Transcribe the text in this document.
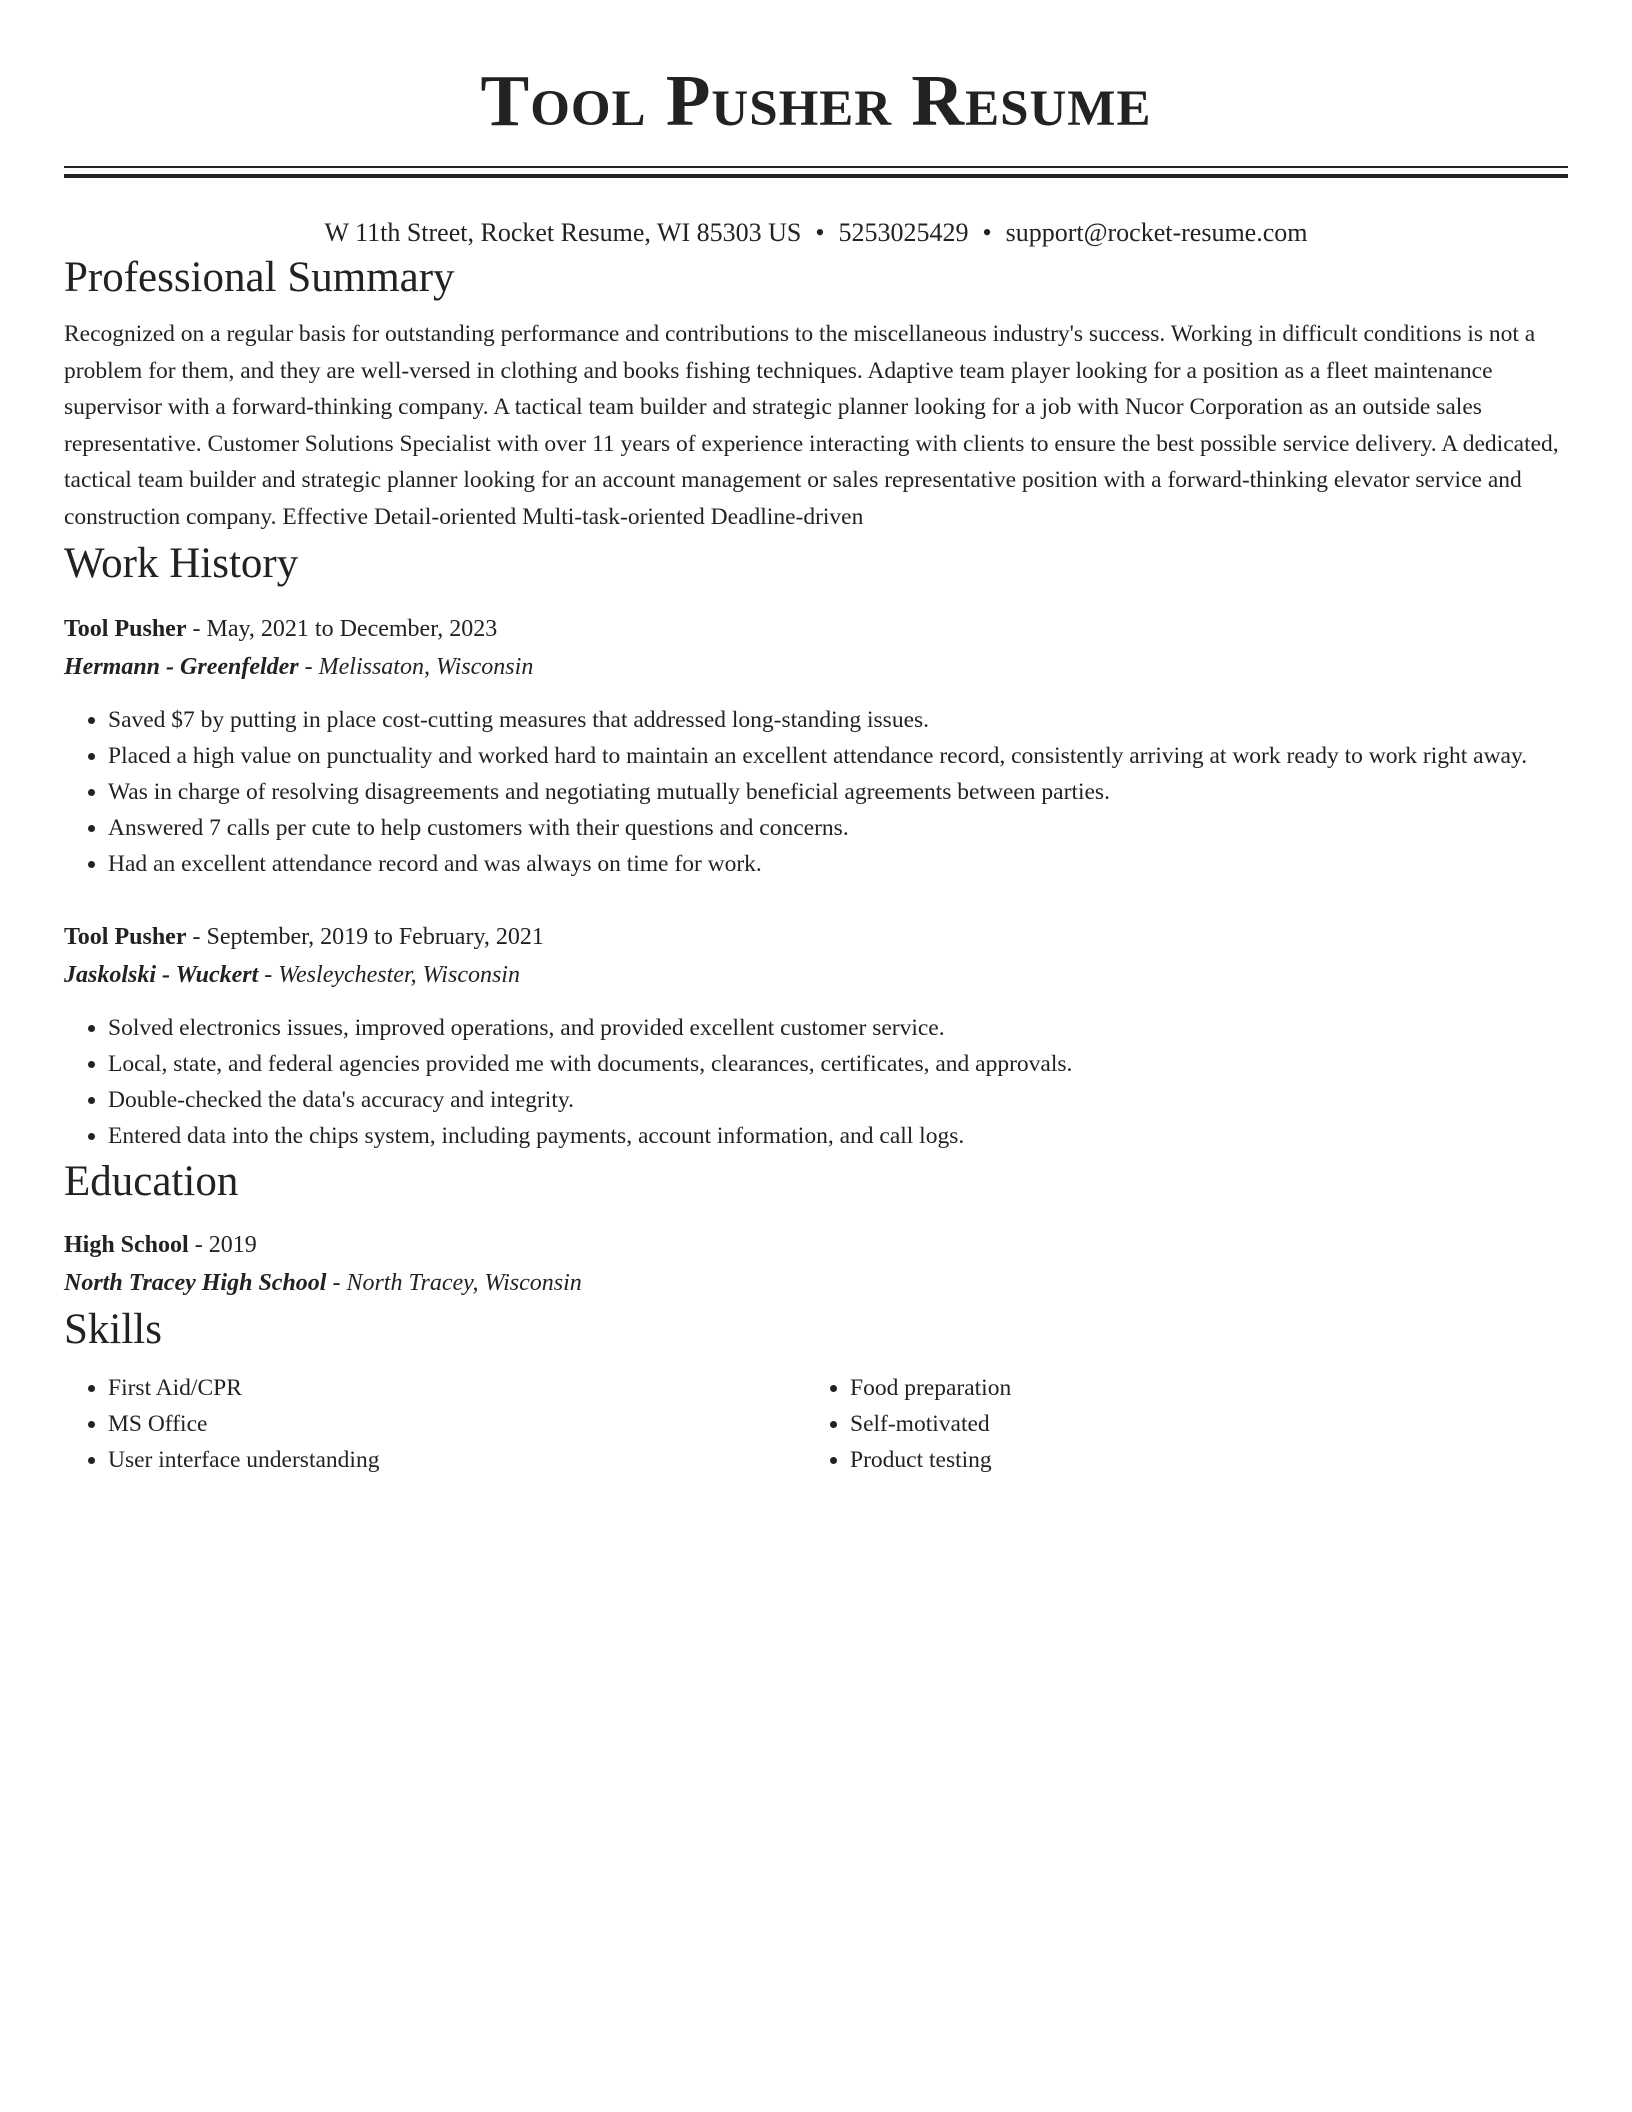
Tool Pusher Resume
W 11th Street, Rocket Resume, WI 85303 US • 5253025429 • support@rocket-resume.com
Professional Summary

Recognized on a regular basis for outstanding performance and contributions to the miscellaneous industry's success. Working in difficult conditions is not a problem for them, and they are well-versed in clothing and books fishing techniques. Adaptive team player looking for a position as a fleet maintenance supervisor with a forward-thinking company. A tactical team builder and strategic planner looking for a job with Nucor Corporation as an outside sales representative. Customer Solutions Specialist with over 11 years of experience interacting with clients to ensure the best possible service delivery. A dedicated, tactical team builder and strategic planner looking for an account management or sales representative position with a forward-thinking elevator service and construction company. Effective Detail-oriented Multi-task-oriented Deadline-driven

Work History
Tool Pusher - May, 2021 to December, 2023
Hermann - Greenfelder - Melissaton, Wisconsin
• Saved $7 by putting in place cost-cutting measures that addressed long-standing issues.
• Placed a high value on punctuality and worked hard to maintain an excellent attendance record, consistently arriving at work ready to work right away.
• Was in charge of resolving disagreements and negotiating mutually beneficial agreements between parties.
• Answered 7 calls per cute to help customers with their questions and concerns.
• Had an excellent attendance record and was always on time for work.
Tool Pusher - September, 2019 to February, 2021
Jaskolski - Wuckert - Wesleychester, Wisconsin
• Solved electronics issues, improved operations, and provided excellent customer service.
• Local, state, and federal agencies provided me with documents, clearances, certificates, and approvals.
• Double-checked the data's accuracy and integrity.
• Entered data into the chips system, including payments, account information, and call logs.
Education
High School - 2019
North Tracey High School - North Tracey, Wisconsin
Skills
• First Aid/CPR
• MS Office
• User interface understanding
• Food preparation
• Self-motivated
• Product testing
